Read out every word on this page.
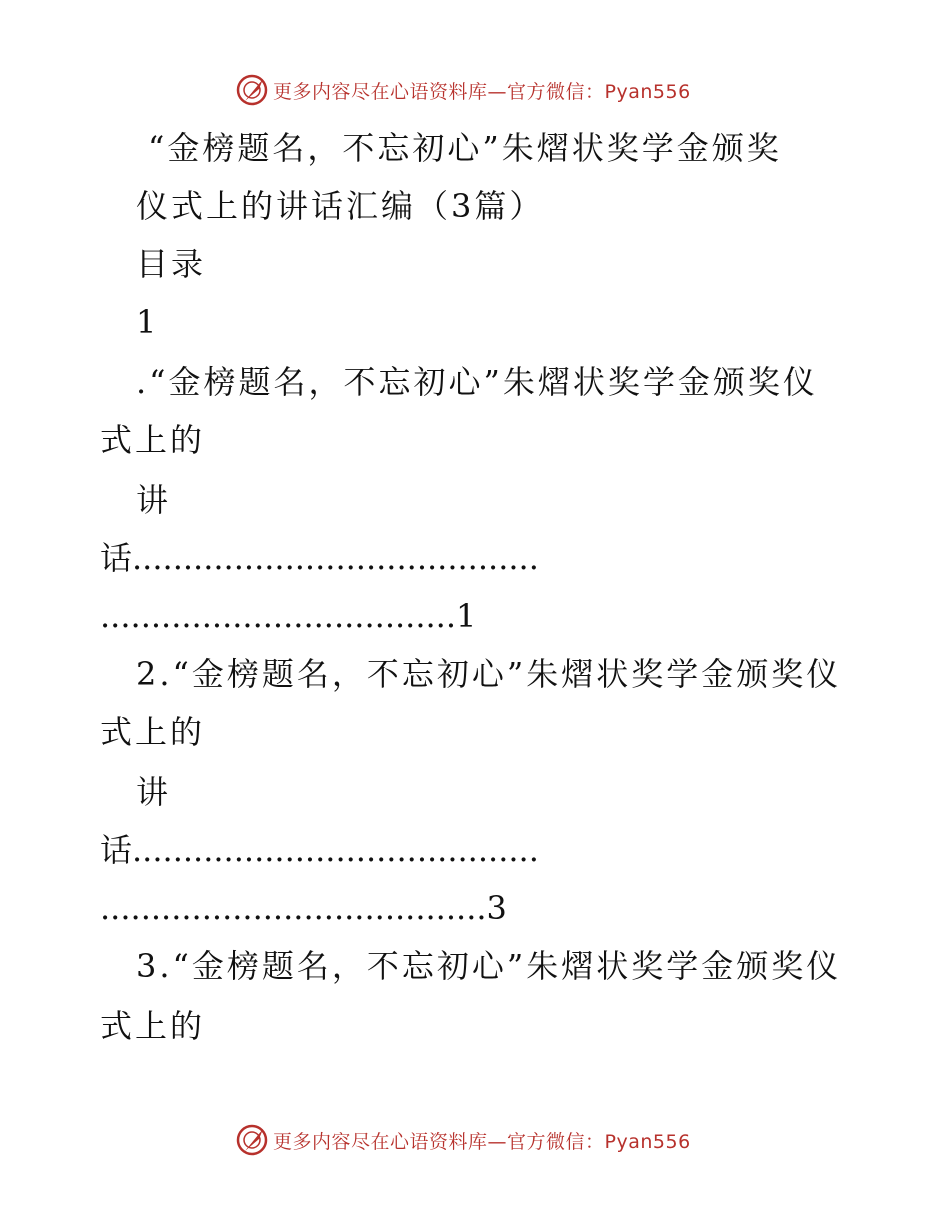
更多内容尽在心语资料库—官方微信：Pyan556
“金榜题名，不忘初心”朱熠状奖学金颁奖
仪式上的讲话汇编（3篇）
目录
1
.“金榜题名，不忘初心”朱熠状奖学金颁奖仪
式上的
讲
话........................................
...................................1
2.“金榜题名，不忘初心”朱熠状奖学金颁奖仪
式上的
讲
话........................................
......................................3
3.“金榜题名，不忘初心”朱熠状奖学金颁奖仪
式上的
更多内容尽在心语资料库—官方微信：Pyan556
